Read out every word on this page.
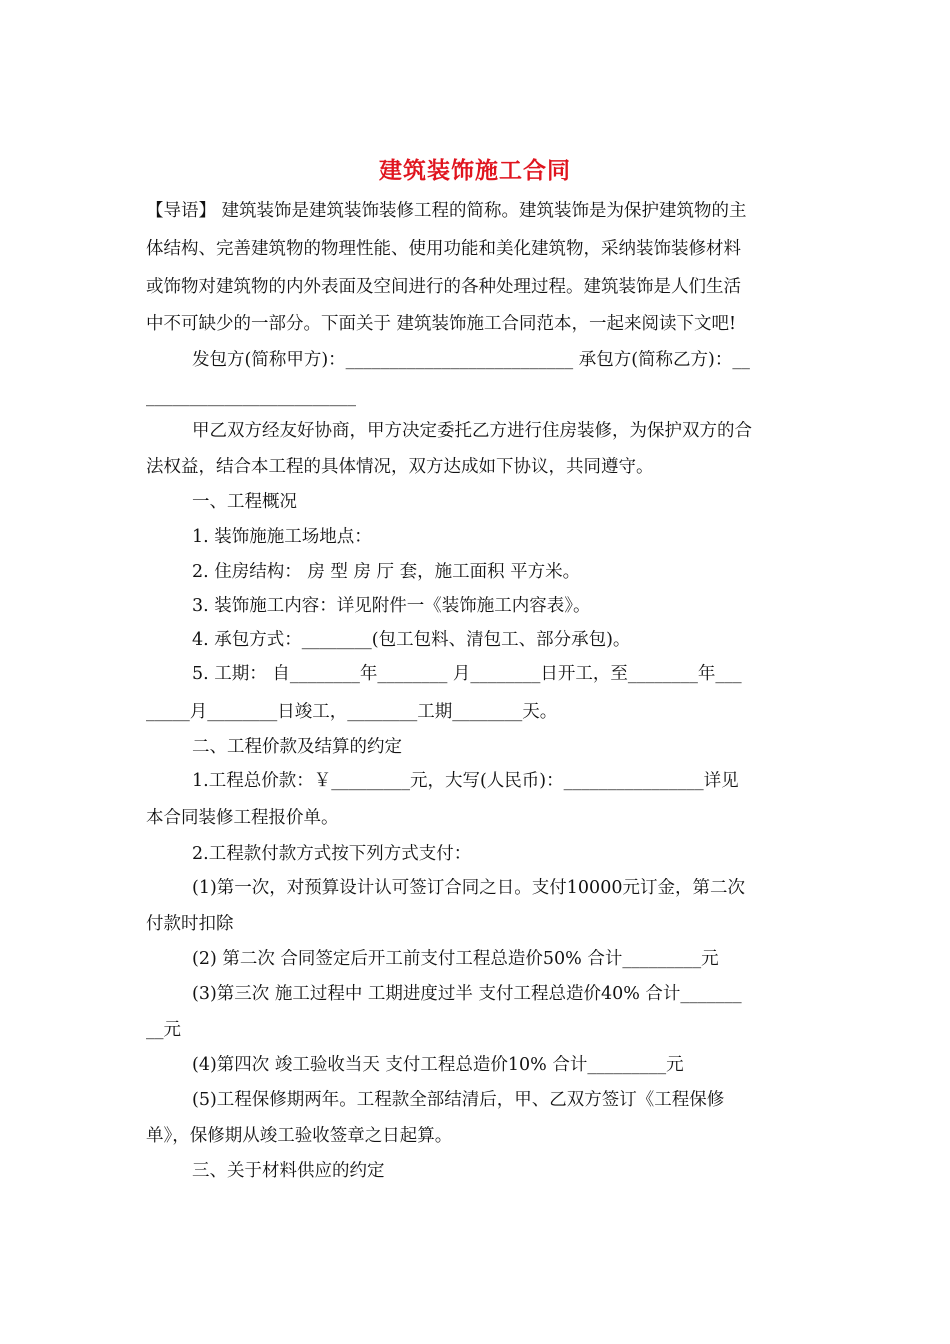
建筑装饰施工合同

【导语】 建筑装饰是建筑装饰装修工程的简称。建筑装饰是为保护建筑物的主

体结构、完善建筑物的物理性能、使用功能和美化建筑物，采纳装饰装修材料

或饰物对建筑物的内外表面及空间进行的各种处理过程。建筑装饰是人们生活

中不可缺少的一部分。下面关于 建筑装饰施工合同范本，一起来阅读下文吧!

发包方(简称甲方)：__________________________ 承包方(简称乙方)：__

________________________

甲乙双方经友好协商，甲方决定委托乙方进行住房装修，为保护双方的合

法权益，结合本工程的具体情况，双方达成如下协议，共同遵守。

一、工程概况

1. 装饰施施工场地点：

2. 住房结构： 房 型 房 厅 套，施工面积 平方米。

3. 装饰施工内容：详见附件一《装饰施工内容表》。

4. 承包方式：________(包工包料、清包工、部分承包)。

5. 工期： 自________年________ 月________日开工，至________年___

_____月________日竣工，________工期________天。

二、工程价款及结算的约定

1.工程总价款：￥_________元，大写(人民币)：________________详见

本合同装修工程报价单。

2.工程款付款方式按下列方式支付：

(1)第一次，对预算设计认可签订合同之日。支付10000元订金，第二次

付款时扣除

(2) 第二次 合同签定后开工前支付工程总造价50% 合计_________元

(3)第三次 施工过程中 工期进度过半 支付工程总造价40% 合计_______

__元

(4)第四次 竣工验收当天 支付工程总造价10% 合计_________元

(5)工程保修期两年。工程款全部结清后，甲、乙双方签订《工程保修

单》，保修期从竣工验收签章之日起算。

三、关于材料供应的约定
